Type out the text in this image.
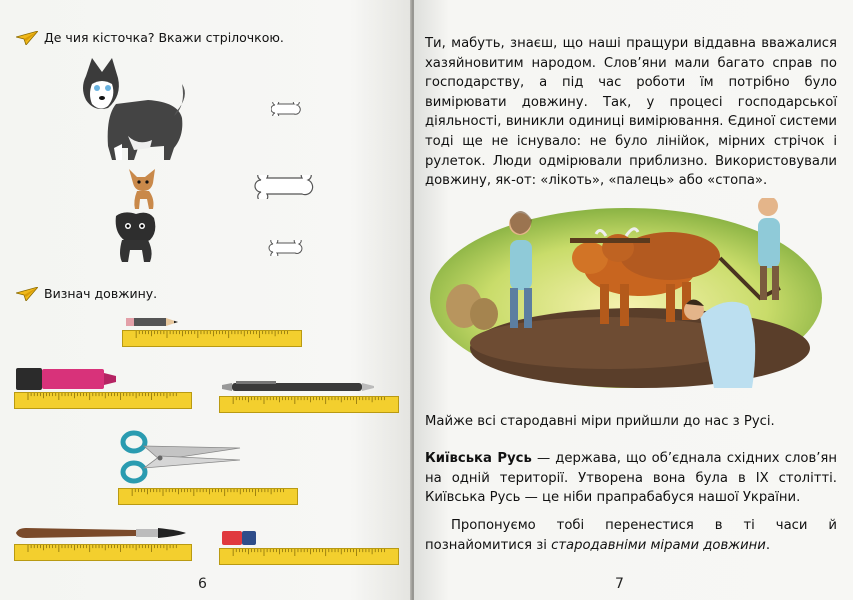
Де чия кісточка? Вкажи стрілочкою.
Визнач довжину.
6
Ти, мабуть, знаєш, що наші пращури віддавна вважалися хазяйновитим народом. Слов’яни мали багато справ по господарству, а під час роботи їм потрібно було вимірювати довжину. Так, у процесі господарської діяльності, виникли одиниці вимірювання. Єдиної системи тоді ще не існувало: не було лінійок, мірних стрічок і рулеток. Люди одмірювали приблизно. Використовували довжину, як-от: «лікоть», «палець» або «стопа».
Майже всі стародавні міри прийшли до нас з Русі.
Київська Русь — держава, що об’єднала східних слов’ян на одній території. Утворена вона була в IX столітті. Київська Русь — це ніби прапрабабуся нашої України.
Пропонуємо тобі перенестися в ті часи й познайомитися зі стародавніми мірами довжини.
7
